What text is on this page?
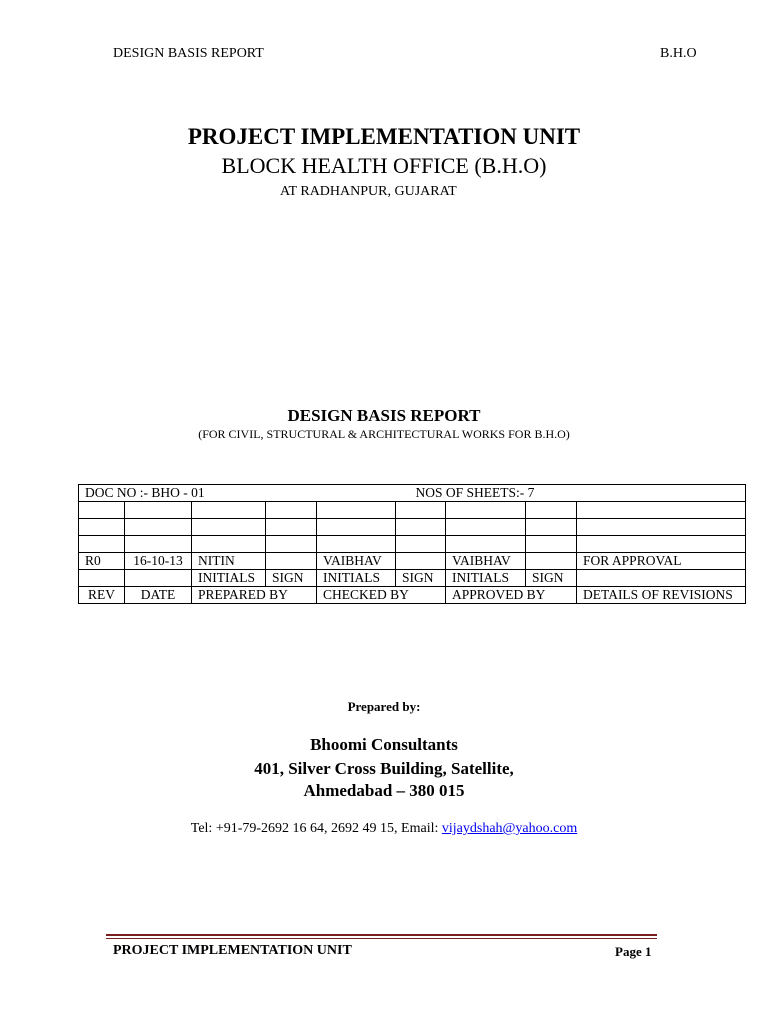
DESIGN BASIS REPORT	B.H.O
PROJECT IMPLEMENTATION UNIT
BLOCK HEALTH OFFICE (B.H.O)
AT RADHANPUR, GUJARAT
DESIGN BASIS REPORT
(FOR CIVIL, STRUCTURAL & ARCHITECTURAL WORKS FOR B.H.O)
DOC NO :- BHO - 01					NOS OF SHEETS:- 7			

R0	16-10-13	NITIN		VAIBHAV		VAIBHAV		FOR APPROVAL
		INITIALS	SIGN	INITIALS	SIGN	INITIALS	SIGN	
REV	DATE	PREPARED BY		CHECKED BY		APPROVED BY		DETAILS OF REVISIONS
Prepared by:
Bhoomi Consultants
401, Silver Cross Building, Satellite,
Ahmedabad – 380 015
Tel: +91-79-2692 16 64, 2692 49 15, Email: vijaydshah@yahoo.com
PROJECT IMPLEMENTATION UNIT	Page 1
